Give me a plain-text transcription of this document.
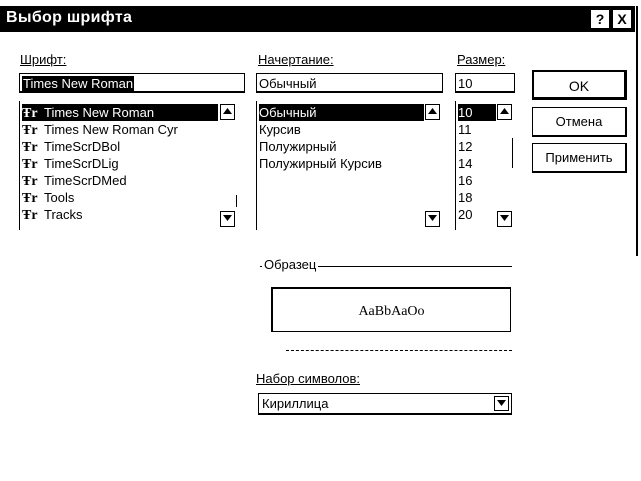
Выбор шрифта	? X
Шрифт:
Times New Roman
Ŧr Times New Roman
Ŧr Times New Roman Cyr
Ŧr TimeScrDBol
Ŧr TimeScrDLig
Ŧr TimeScrDMed
Ŧr Tools
Ŧr Tracks
Начертание:
Обычный
Обычный
Курсив
Полужирный
Полужирный Курсив
Размер:
10
10
11
12
14
16
18
20
OK
Отмена
Применить
Образец
AaBbAaOo
Набор символов:
Кириллица
